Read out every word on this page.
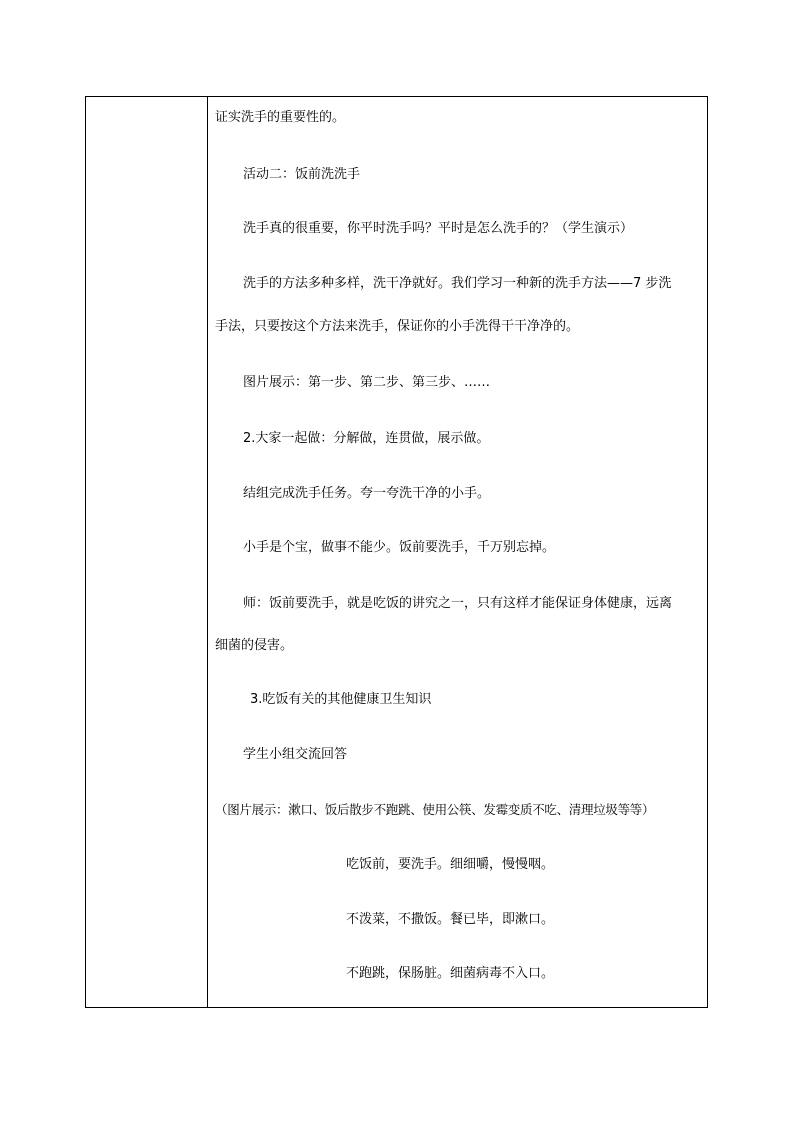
证实洗手的重要性的。
活动二：饭前洗洗手
洗手真的很重要，你平时洗手吗？平时是怎么洗手的？（学生演示）
洗手的方法多种多样，洗干净就好。我们学习一种新的洗手方法——7 步洗
手法，只要按这个方法来洗手，保证你的小手洗得干干净净的。
图片展示：第一步、第二步、第三步、……
2.大家一起做：分解做，连贯做，展示做。
结组完成洗手任务。夸一夸洗干净的小手。
小手是个宝，做事不能少。饭前要洗手，千万别忘掉。
师：饭前要洗手，就是吃饭的讲究之一，只有这样才能保证身体健康，远离
细菌的侵害。
3.吃饭有关的其他健康卫生知识
学生小组交流回答
（图片展示：漱口、饭后散步不跑跳、使用公筷、发霉变质不吃、清理垃圾等等）
吃饭前，要洗手。细细嚼，慢慢咽。
不泼菜，不撒饭。餐已毕，即漱口。
不跑跳，保肠脏。细菌病毒不入口。
